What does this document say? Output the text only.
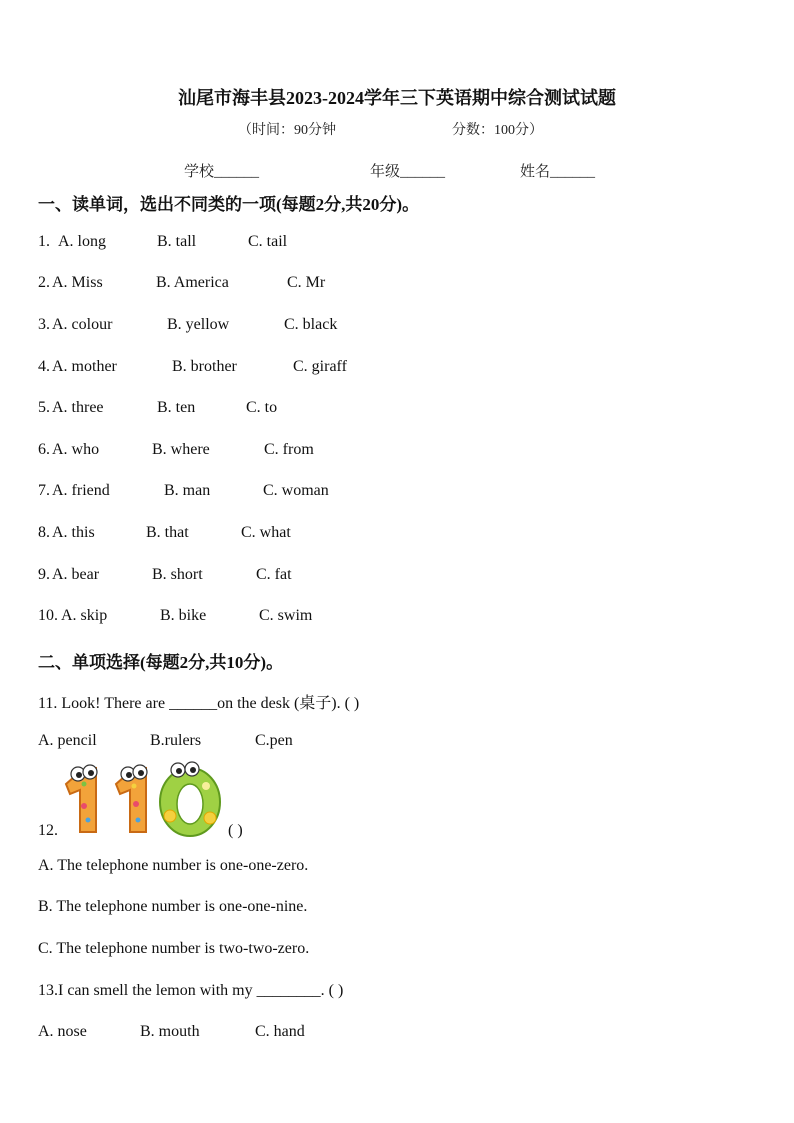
汕尾市海丰县2023-2024学年三下英语期中综合测试试题
（时间：90分钟	分数：100分）
学校______	年级______	姓名______
一、读单词，选出不同类的一项(每题2分,共20分)。
1. A. long	B. tall	C. tail
2. A. Miss	B. America	C. Mr
3. A. colour	B. yellow	C. black
4. A. mother	B. brother	C. giraff
5. A. three	B. ten	C. to
6. A. who	B. where	C. from
7. A. friend	B. man	C. woman
8. A. this	B. that	C. what
9. A. bear	B. short	C. fat
10. A. skip	B. bike	C. swim
二、单项选择(每题2分,共10分)。
11. Look! There are ______on the desk (桌子). ( )
A. pencil	B.rulers	C.pen
12.	( )
A. The telephone number is one-one-zero.
B. The telephone number is one-one-nine.
C. The telephone number is two-two-zero.
13.I can smell the lemon with my ________. ( )
A. nose	B. mouth	C. hand
